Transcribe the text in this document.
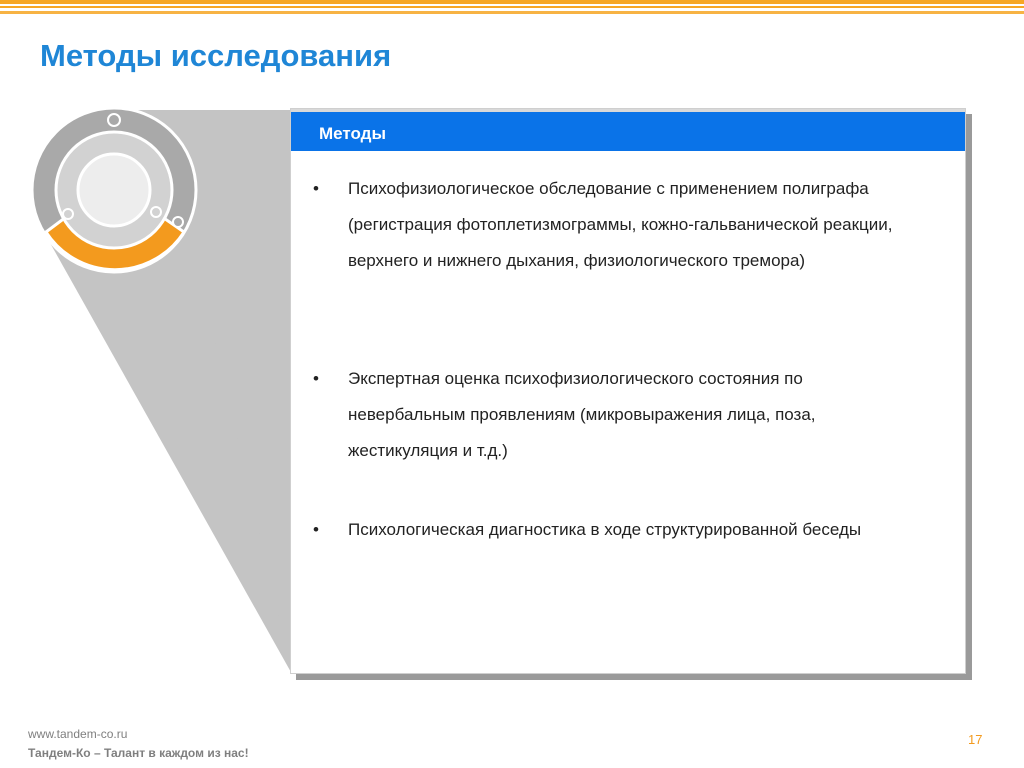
Методы исследования
Методы
• Психофизиологическое обследование с применением полиграфа (регистрация фотоплетизмограммы, кожно-гальванической реакции, верхнего и нижнего дыхания, физиологического тремора)
• Экспертная оценка психофизиологического состояния по невербальным проявлениям (микровыражения лица, поза, жестикуляция и т.д.)
• Психологическая диагностика в ходе структурированной беседы
www.tandem-co.ru
Тандем-Ко – Талант в каждом из нас!
17
